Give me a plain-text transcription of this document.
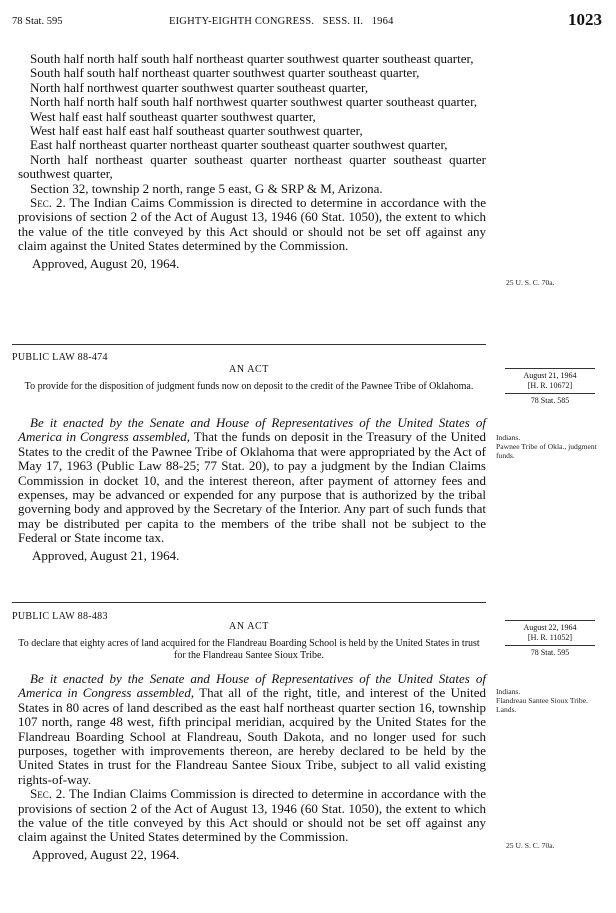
78 Stat. 595	EIGHTY-EIGHTH CONGRESS.   SESS. II.   1964	1023

South half north half south half northeast quarter southwest quarter southeast quarter,

South half south half northeast quarter southwest quarter southeast quarter,

North half northwest quarter southwest quarter southeast quarter,

North half north half south half northwest quarter southwest quarter southeast quarter,

West half east half southeast quarter southwest quarter,

West half east half east half southeast quarter southwest quarter,

East half northeast quarter northeast quarter southeast quarter southwest quarter,

North half northeast quarter southeast quarter northeast quarter southeast quarter southwest quarter,

Section 32, township 2 north, range 5 east, G & SRP & M, Arizona.

Sec. 2. The Indian Caims Commission is directed to determine in accordance with the provisions of section 2 of the Act of August 13, 1946 (60 Stat. 1050), the extent to which the value of the title conveyed by this Act should or should not be set off against any claim against the United States determined by the Commission.

Approved, August 20, 1964.

25 U. S. C. 70a.
PUBLIC LAW 88-474
AN ACT
To provide for the disposition of judgment funds now on deposit to the credit of the Pawnee Tribe of Oklahoma.
August 21, 1964
[H. R. 10672]
78 Stat. 585

Be it enacted by the Senate and House of Representatives of the United States of America in Congress assembled, That the funds on deposit in the Treasury of the United States to the credit of the Pawnee Tribe of Oklahoma that were appropriated by the Act of May 17, 1963 (Public Law 88-25; 77 Stat. 20), to pay a judgment by the Indian Claims Commission in docket 10, and the interest thereon, after payment of attorney fees and expenses, may be advanced or expended for any purpose that is authorized by the tribal governing body and approved by the Secretary of the Interior. Any part of such funds that may be distributed per capita to the members of the tribe shall not be subject to the Federal or State income tax.

Approved, August 21, 1964.

Indians.
Pawnee Tribe of Okla., judgment funds.
PUBLIC LAW 88-483
AN ACT
To declare that eighty acres of land acquired for the Flandreau Boarding School is held by the United States in trust for the Flandreau Santee Sioux Tribe.
August 22, 1964
[H. R. 11052]
78 Stat. 595

Be it enacted by the Senate and House of Representatives of the United States of America in Congress assembled, That all of the right, title, and interest of the United States in 80 acres of land described as the east half northeast quarter section 16, township 107 north, range 48 west, fifth principal meridian, acquired by the United States for the Flandreau Boarding School at Flandreau, South Dakota, and no longer used for such purposes, together with improvements thereon, are hereby declared to be held by the United States in trust for the Flandreau Santee Sioux Tribe, subject to all valid existing rights-of-way.

Sec. 2. The Indian Claims Commission is directed to determine in accordance with the provisions of section 2 of the Act of August 13, 1946 (60 Stat. 1050), the extent to which the value of the title conveyed by this Act should or should not be set off against any claim against the United States determined by the Commission.

Approved, August 22, 1964.

Indians.
Flandreau Santee Sioux Tribe.
Lands.
25 U. S. C. 70a.
